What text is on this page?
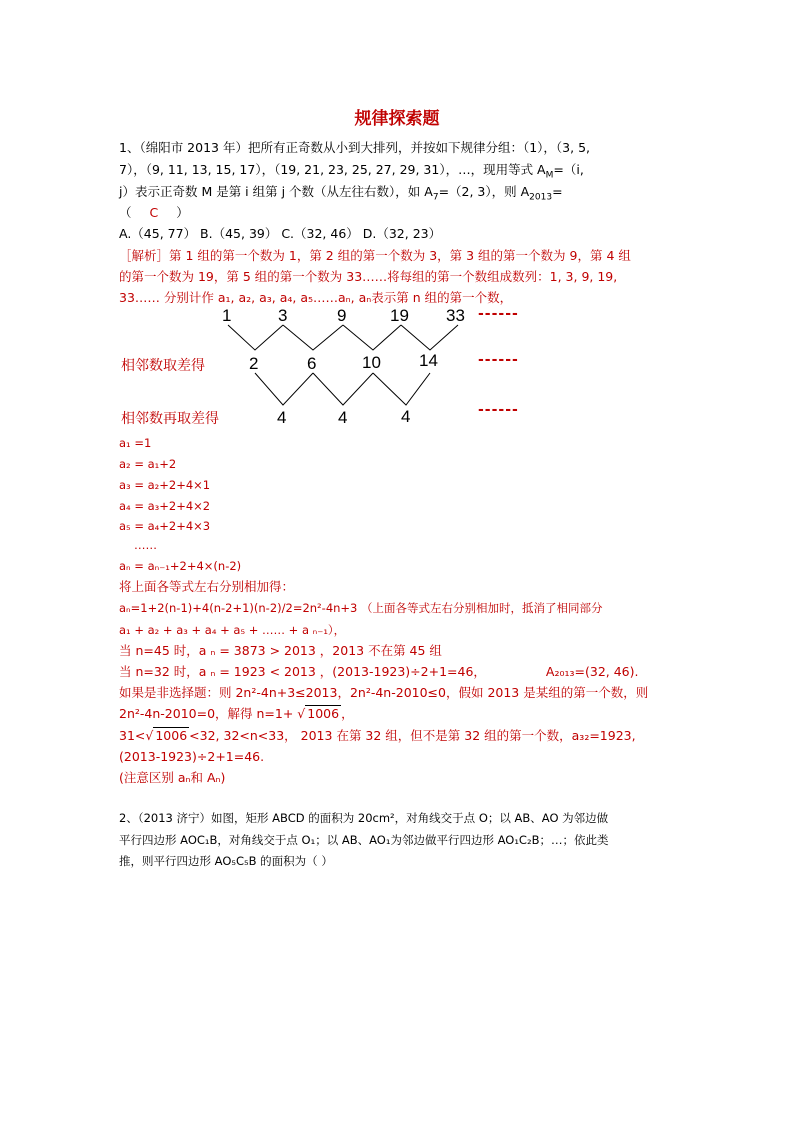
规律探索题
1、（绵阳市 2013 年）把所有正奇数从小到大排列，并按如下规律分组：（1），（3, 5,
7），（9, 11, 13, 15, 17），（19, 21, 23, 25, 27, 29, 31），…，现用等式 $A_M=(i$,
j）表示正奇数 M 是第 i 组第 j 个数（从左往右数），如 $A_7=(2$, 3），则 $A_{2013}=$
（ C ）
A.（45, 77） B.（45, 39） C.（32, 46） D.（32, 23）
［解析］第 1 组的第一个数为 1，第 2 组的第一个数为 3，第 3 组的第一个数为 9，第 4 组
的第一个数为 19，第 5 组的第一个数为 33……将每组的第一个数组成数列：1, 3, 9, 19,
33…… 分别计作 a₁, a₂, a₃, a₄, a₅……aₙ, aₙ表示第 n 组的第一个数，
1	3	9	19 33 ------
相邻数取差得	2	6	10 14	------
相邻数再取差得	4	4	4	------
a₁ =1
a₂ = a₁+2
a₃ = a₂+2+4×1
a₄ = a₃+2+4×2
a₅ = a₄+2+4×3
……
aₙ = aₙ₋₁+2+4×(n-2)
将上面各等式左右分别相加得：
aₙ=1+2(n-1)+4(n-2+1)(n-2)/2=2n²-4n+3 （上面各等式左右分别相加时，抵消了相同部分
a₁ + a₂ + a₃ + a₄ + a₅ + …… + a ₙ₋₁），
当 n=45 时，a ₙ = 3873 > 2013 ，2013 不在第 45 组
当 n=32 时，a ₙ = 1923 < 2013 ，(2013-1923)÷2+1=46，	A₂₀₁₃=(32, 46).
如果是非选择题：则 2n²-4n+3≤2013，2n²-4n-2010≤0，假如 2013 是某组的第一个数，则
2n²-4n-2010=0，解得 n=1+ √ 1006 ，
31<√ 1006 <32, 32<n<33， 2013 在第 32 组，但不是第 32 组的第一个数，a₃₂=1923,
(2013-1923)÷2+1=46.
(注意区别 aₙ和 Aₙ)
2、（2013 济宁）如图，矩形 ABCD 的面积为 20cm²，对角线交于点 O；以 AB、AO 为邻边做
平行四边形 AOC₁B，对角线交于点 O₁；以 AB、AO₁为邻边做平行四边形 AO₁C₂B；…；依此类
推，则平行四边形 AO₅C₅B 的面积为（ ）
